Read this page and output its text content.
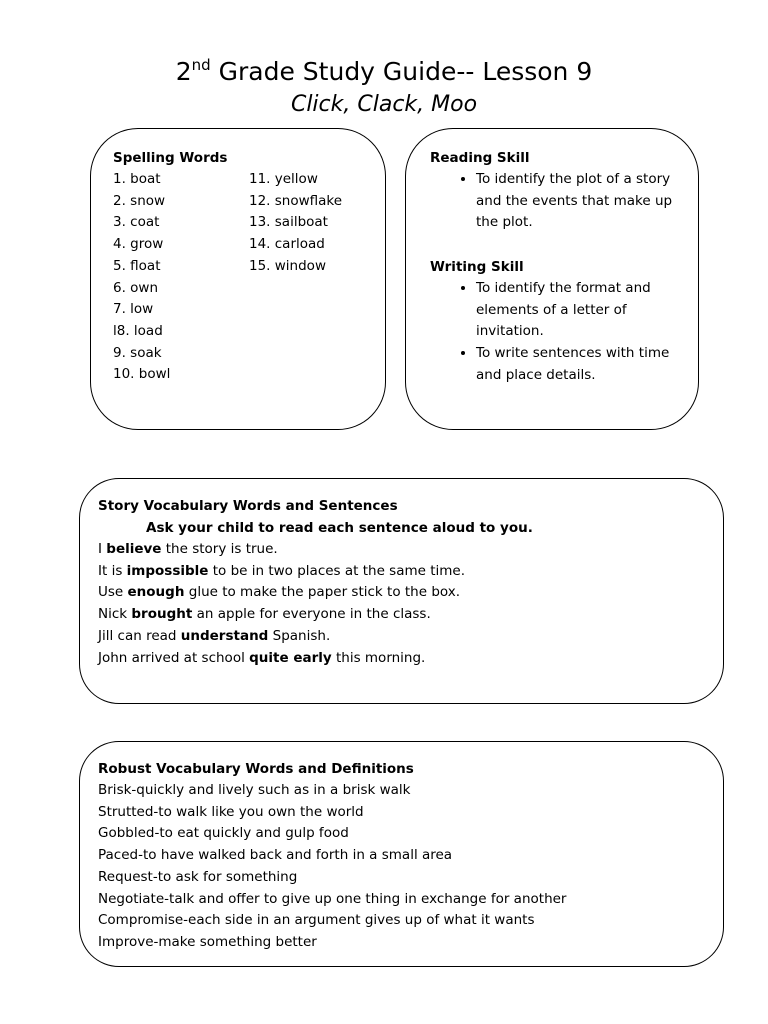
2nd Grade Study Guide-- Lesson 9
Click, Clack, Moo
Spelling Words
1. boat
2. snow
3. coat
4. grow
5. float
6. own
7. low
l8. load
9. soak
10. bowl
11. yellow
12. snowflake
13. sailboat
14. carload
15. window
Reading Skill
• To identify the plot of a story and the events that make up the plot.
Writing Skill
• To identify the format and elements of a letter of invitation.
• To write sentences with time and place details.
Story Vocabulary Words and Sentences
Ask your child to read each sentence aloud to you.
I believe the story is true.
It is impossible to be in two places at the same time.
Use enough glue to make the paper stick to the box.
Nick brought an apple for everyone in the class.
Jill can read understand Spanish.
John arrived at school quite early this morning.
Robust Vocabulary Words and Definitions
Brisk-quickly and lively such as in a brisk walk
Strutted-to walk like you own the world
Gobbled-to eat quickly and gulp food
Paced-to have walked back and forth in a small area
Request-to ask for something
Negotiate-talk and offer to give up one thing in exchange for another
Compromise-each side in an argument gives up of what it wants
Improve-make something better
